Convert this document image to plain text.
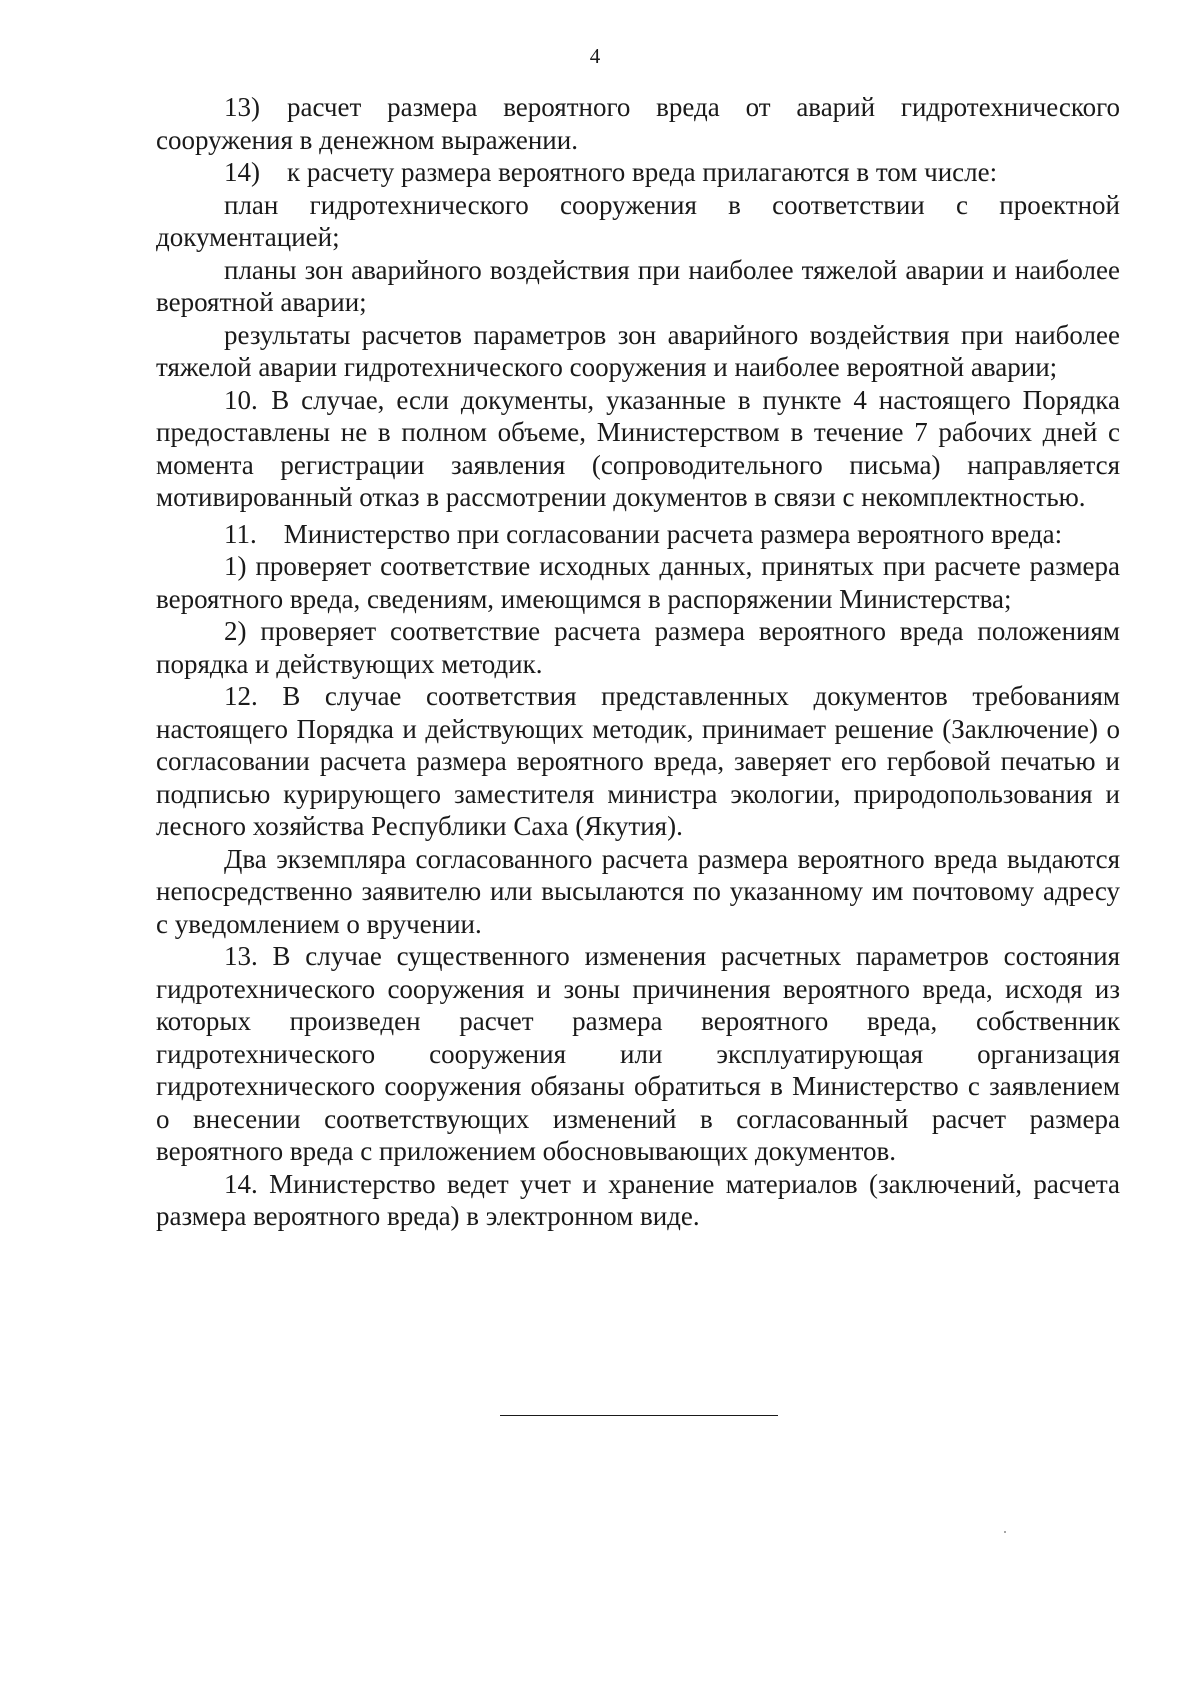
4

13) расчет размера вероятного вреда от аварий гидротехнического сооружения в денежном выражении.

14) к расчету размера вероятного вреда прилагаются в том числе:

план гидротехнического сооружения в соответствии с проектной документацией;

планы зон аварийного воздействия при наиболее тяжелой аварии и наиболее вероятной аварии;

результаты расчетов параметров зон аварийного воздействия при наиболее тяжелой аварии гидротехнического сооружения и наиболее вероятной аварии;

10. В случае, если документы, указанные в пункте 4 настоящего Порядка предоставлены не в полном объеме, Министерством в течение 7 рабочих дней с момента регистрации заявления (сопроводительного письма) направляется мотивированный отказ в рассмотрении документов в связи с некомплектностью.

11. Министерство при согласовании расчета размера вероятного вреда:

1) проверяет соответствие исходных данных, принятых при расчете размера вероятного вреда, сведениям, имеющимся в распоряжении Министерства;

2) проверяет соответствие расчета размера вероятного вреда положениям порядка и действующих методик.

12. В случае соответствия представленных документов требованиям настоящего Порядка и действующих методик, принимает решение (Заключение) о согласовании расчета размера вероятного вреда, заверяет его гербовой печатью и подписью курирующего заместителя министра экологии, природопользования и лесного хозяйства Республики Саха (Якутия).

Два экземпляра согласованного расчета размера вероятного вреда выдаются непосредственно заявителю или высылаются по указанному им почтовому адресу с уведомлением о вручении.

13. В случае существенного изменения расчетных параметров состояния гидротехнического сооружения и зоны причинения вероятного вреда, исходя из которых произведен расчет размера вероятного вреда, собственник гидротехнического сооружения или эксплуатирующая организация гидротехнического сооружения обязаны обратиться в Министерство с заявлением о внесении соответствующих изменений в согласованный расчет размера вероятного вреда с приложением обосновывающих документов.

14. Министерство ведет учет и хранение материалов (заключений, расчета размера вероятного вреда) в электронном виде.
